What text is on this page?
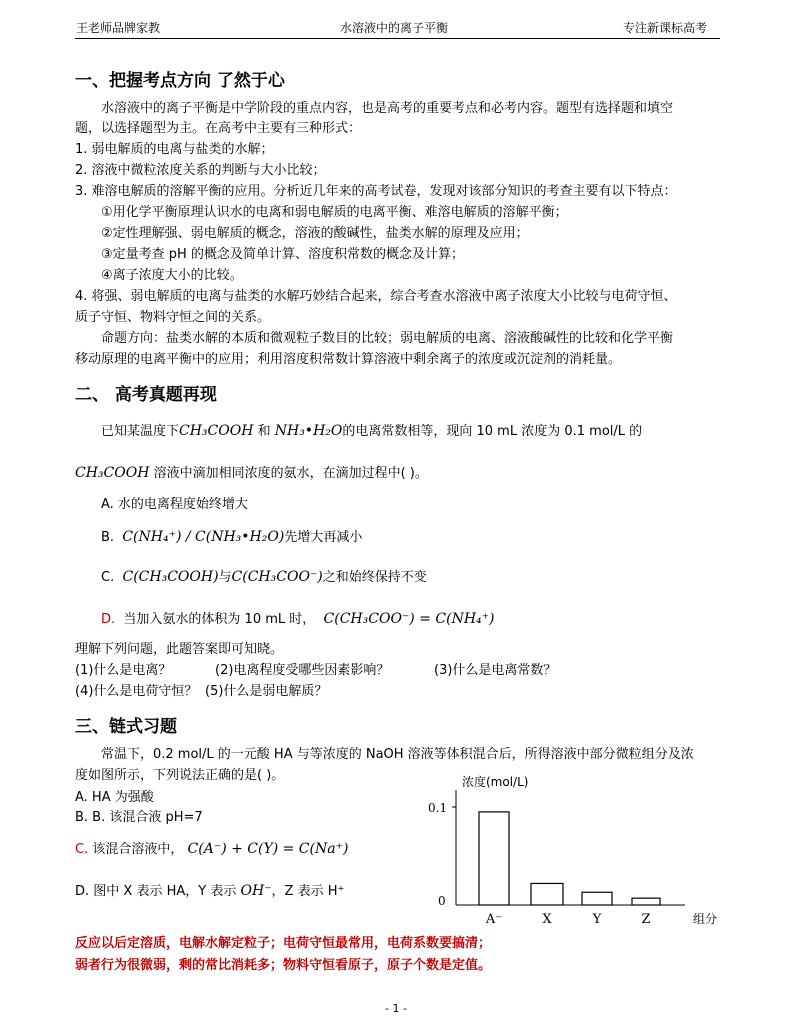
王老师品牌家教	水溶液中的离子平衡	专注新课标高考
一、把握考点方向 了然于心
水溶液中的离子平衡是中学阶段的重点内容，也是高考的重要考点和必考内容。题型有选择题和填空
题，以选择题型为主。在高考中主要有三种形式：
1. 弱电解质的电离与盐类的水解；
2. 溶液中微粒浓度关系的判断与大小比较；
3. 难溶电解质的溶解平衡的应用。分析近几年来的高考试卷，发现对该部分知识的考查主要有以下特点：
①用化学平衡原理认识水的电离和弱电解质的电离平衡、难溶电解质的溶解平衡；
②定性理解强、弱电解质的概念，溶液的酸碱性，盐类水解的原理及应用；
③定量考查 pH 的概念及简单计算、溶度积常数的概念及计算；
④离子浓度大小的比较。
4. 将强、弱电解质的电离与盐类的水解巧妙结合起来，综合考查水溶液中离子浓度大小比较与电荷守恒、
质子守恒、物料守恒之间的关系。
命题方向：盐类水解的本质和微观粒子数目的比较；弱电解质的电离、溶液酸碱性的比较和化学平衡
移动原理的电离平衡中的应用；利用溶度积常数计算溶液中剩余离子的浓度或沉淀剂的消耗量。
二、 高考真题再现
已知某温度下CH₃COOH 和 NH₃•H₂O的电离常数相等，现向 10 mL 浓度为 0.1 mol/L 的
CH₃COOH 溶液中滴加相同浓度的氨水，在滴加过程中( )。
A. 水的电离程度始终增大
B. C(NH₄⁺) / C(NH₃•H₂O)先增大再减小
C. C(CH₃COOH)与C(CH₃COO⁻)之和始终保持不变
D. 当加入氨水的体积为 10 mL 时， C(CH₃COO⁻) = C(NH₄⁺)
理解下列问题，此题答案即可知晓。
(1)什么是电离？	(2)电离程度受哪些因素影响？	(3)什么是电离常数？
(4)什么是电荷守恒？ (5)什么是弱电解质？
三、链式习题
常温下，0.2 mol/L 的一元酸 HA 与等浓度的 NaOH 溶液等体积混合后，所得溶液中部分微粒组分及浓
度如图所示，下列说法正确的是( )。
A. HA 为强酸
B. B. 该混合液 pH=7
C. 该混合溶液中， C(A⁻) + C(Y) = C(Na⁺)
D. 图中 X 表示 HA，Y 表示 OH⁻，Z 表示 H⁺
浓度(mol/L)
0.1
0
组分
A⁻	X	Y	Z
反应以后定溶质，电解水解定粒子；电荷守恒最常用，电荷系数要搞清；
弱者行为很微弱，剩的常比消耗多；物料守恒看原子，原子个数是定值。
- 1 -
